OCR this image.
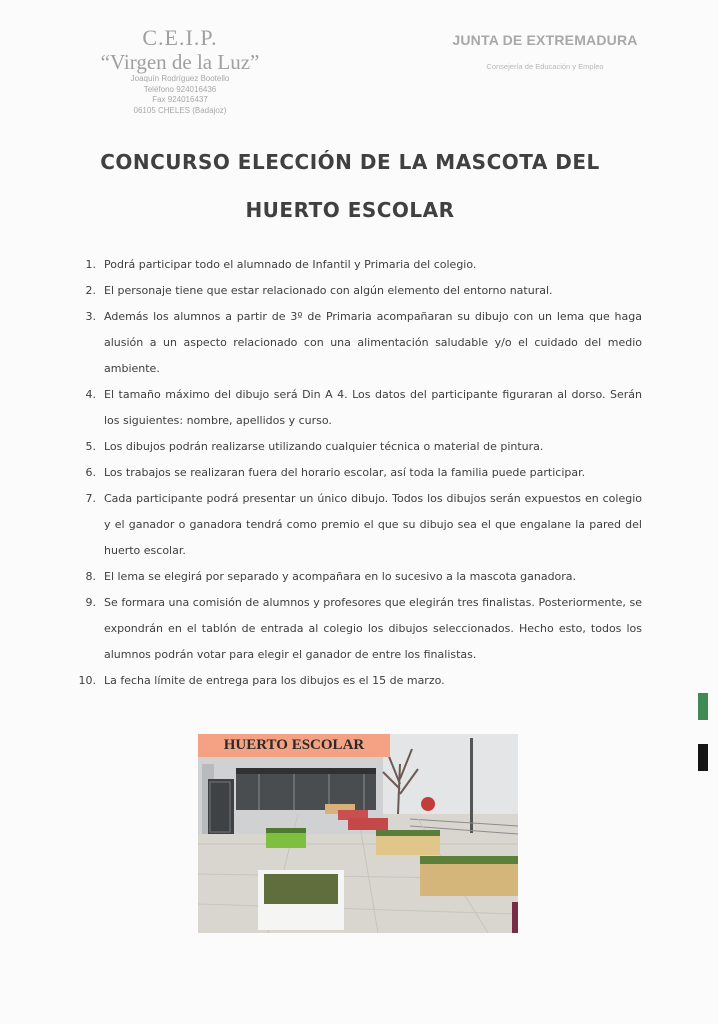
C.E.I.P.
“Virgen de la Luz”
Joaquín Rodríguez Bootello
Teléfono 924016436
Fax 924016437
06105 CHELES (Badajoz)
JUNTA DE EXTREMADURA
Consejería de Educación y Empleo
CONCURSO ELECCIÓN DE LA MASCOTA DEL
HUERTO ESCOLAR
1. Podrá participar todo el alumnado de Infantil y Primaria del colegio.
2. El personaje tiene que estar relacionado con algún elemento del entorno natural.
3. Además los alumnos a partir de 3º de Primaria acompañaran su dibujo con un lema que haga alusión a un aspecto relacionado con una alimentación saludable y/o el cuidado del medio ambiente.
4. El tamaño máximo del dibujo será Din A 4. Los datos del participante figuraran al dorso. Serán los siguientes: nombre, apellidos y curso.
5. Los dibujos podrán realizarse utilizando cualquier técnica o material de pintura.
6. Los trabajos se realizaran fuera del horario escolar, así toda la familia puede participar.
7. Cada participante podrá presentar un único dibujo. Todos los dibujos serán expuestos en colegio y el ganador o ganadora tendrá como premio el que su dibujo sea el que engalane la pared del huerto escolar.
8. El lema se elegirá por separado y acompañara en lo sucesivo a la mascota ganadora.
9. Se formara una comisión de alumnos y profesores que elegirán tres finalistas. Posteriormente, se expondrán en el tablón de entrada al colegio los dibujos seleccionados. Hecho esto, todos los alumnos podrán votar para elegir el ganador de entre los finalistas.
10. La fecha límite de entrega para los dibujos es el 15 de marzo.
HUERTO ESCOLAR
